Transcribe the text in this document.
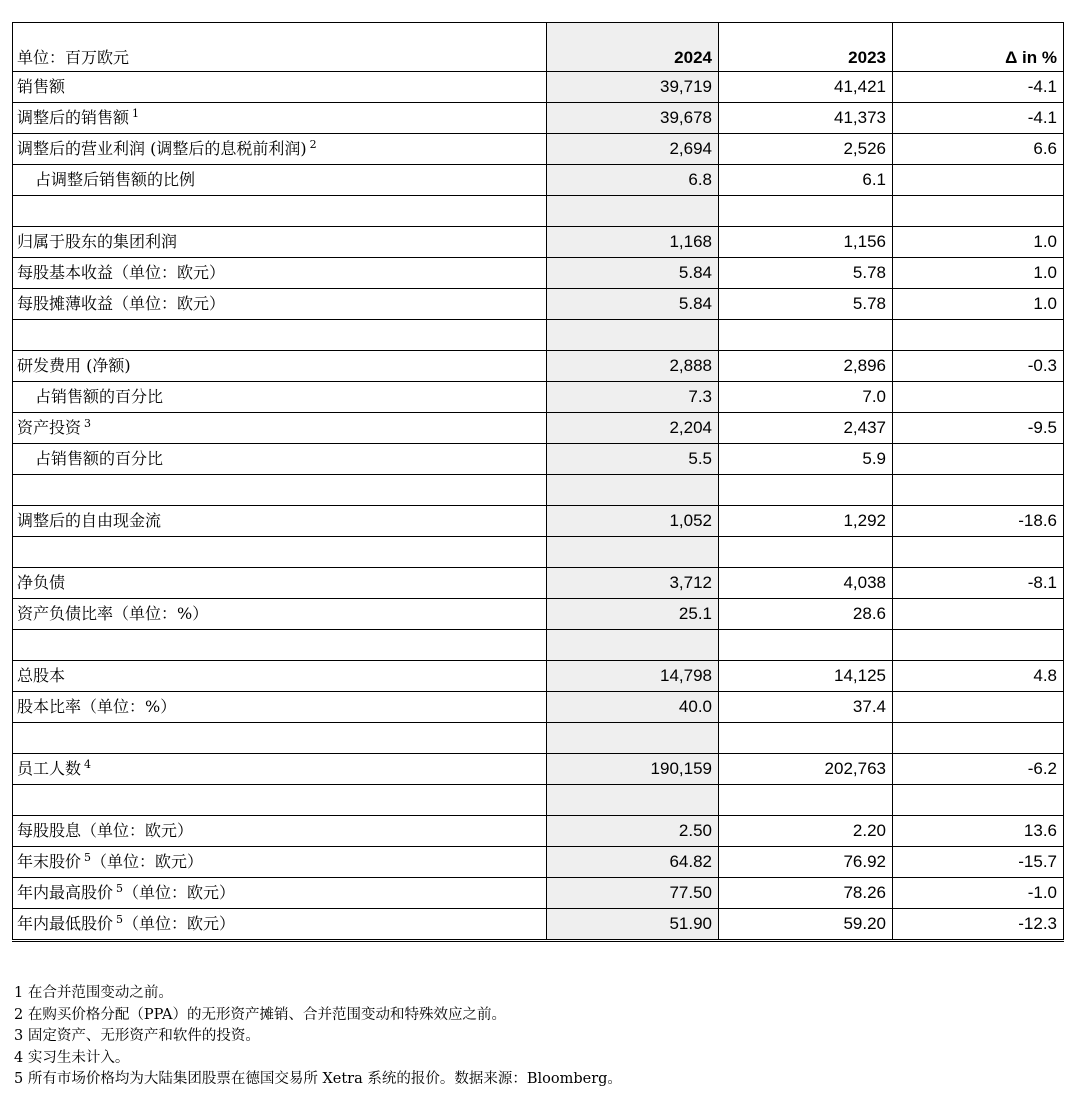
单位：百万欧元	2024	2023	Δ in %
销售额	39,719	41,421	-4.1
调整后的销售额 $^1$	39,678	41,373	-4.1
调整后的营业利润 (调整后的息税前利润) $^2$	2,694	2,526	6.6
占调整后销售额的比例	6.8	6.1	

归属于股东的集团利润	1,168	1,156	1.0
每股基本收益（单位：欧元）	5.84	5.78	1.0
每股摊薄收益（单位：欧元）	5.84	5.78	1.0

研发费用 (净额)	2,888	2,896	-0.3
占销售额的百分比	7.3	7.0	
资产投资 $^3$	2,204	2,437	-9.5
占销售额的百分比	5.5	5.9	

调整后的自由现金流	1,052	1,292	-18.6

净负债	3,712	4,038	-8.1
资产负债比率（单位：%）	25.1	28.6	

总股本	14,798	14,125	4.8
股本比率（单位：%）	40.0	37.4	

员工人数 $^4$	190,159	202,763	-6.2

每股股息（单位：欧元）	2.50	2.20	13.6
年末股价 $^5$（单位：欧元）	64.82	76.92	-15.7
年内最高股价 $^5$（单位：欧元）	77.50	78.26	-1.0
年内最低股价 $^5$（单位：欧元）	51.90	59.20	-12.3
1 在合并范围变动之前。
2 在购买价格分配（PPA）的无形资产摊销、合并范围变动和特殊效应之前。
3 固定资产、无形资产和软件的投资。
4 实习生未计入。
5 所有市场价格均为大陆集团股票在德国交易所 Xetra 系统的报价。数据来源：Bloomberg。
